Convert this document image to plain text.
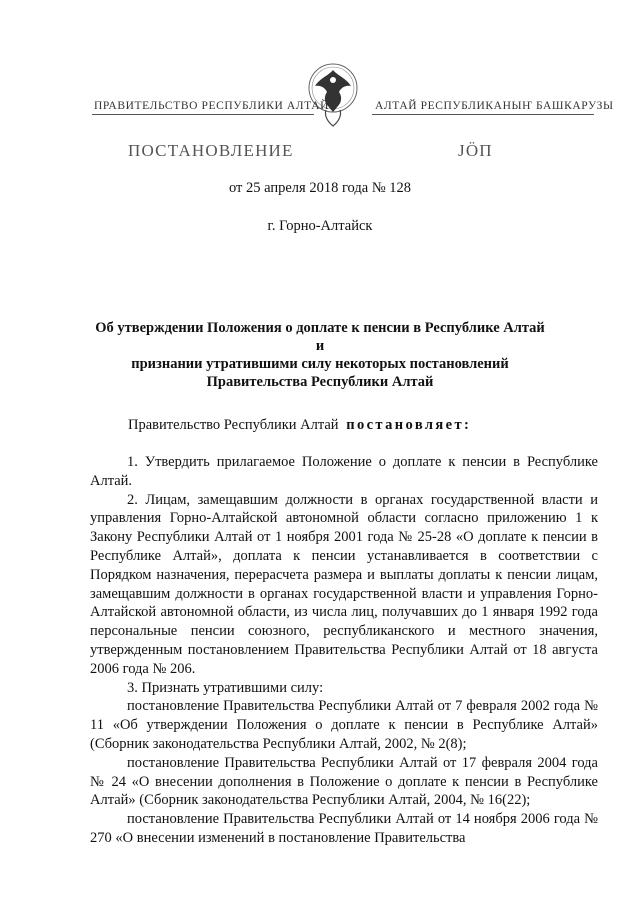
ПРАВИТЕЛЬСТВО РЕСПУБЛИКИ АЛТАЙ	АЛТАЙ РЕСПУБЛИКАНЫҤ БАШКАРУЗЫ
ПОСТАНОВЛЕНИЕ	ЈӦП
от 25 апреля 2018 года № 128
г. Горно-Алтайск
Об утверждении Положения о доплате к пенсии в Республике Алтай и
признании утратившими силу некоторых постановлений
Правительства Республики Алтай
Правительство Республики Алтай постановляет:

1. Утвердить прилагаемое Положение о доплате к пенсии в Республике Алтай.

2. Лицам, замещавшим должности в органах государственной власти и управления Горно-Алтайской автономной области согласно приложению 1 к Закону Республики Алтай от 1 ноября 2001 года № 25-28 «О доплате к пенсии в Республике Алтай», доплата к пенсии устанавливается в соответствии с Порядком назначения, перерасчета размера и выплаты доплаты к пенсии лицам, замещавшим должности в органах государственной власти и управления Горно-Алтайской автономной области, из числа лиц, получавших до 1 января 1992 года персональные пенсии союзного, республиканского и местного значения, утвержденным постановлением Правительства Республики Алтай от 18 августа 2006 года № 206.

3. Признать утратившими силу:

постановление Правительства Республики Алтай от 7 февраля 2002 года № 11 «Об утверждении Положения о доплате к пенсии в Республике Алтай» (Сборник законодательства Республики Алтай, 2002, № 2(8);

постановление Правительства Республики Алтай от 17 февраля 2004 года № 24 «О внесении дополнения в Положение о доплате к пенсии в Республике Алтай» (Сборник законодательства Республики Алтай, 2004, № 16(22);

постановление Правительства Республики Алтай от 14 ноября 2006 года № 270 «О внесении изменений в постановление Правительства
